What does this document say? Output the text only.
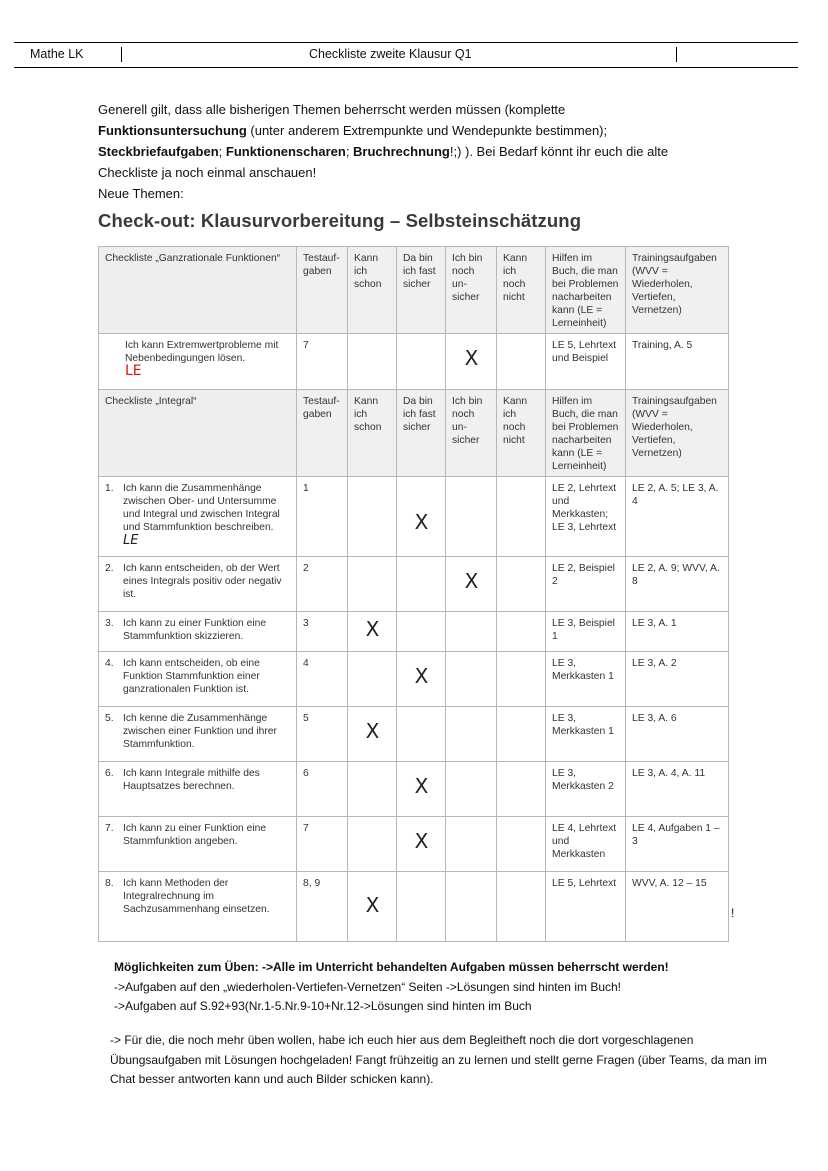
Mathe LK	Checkliste zweite Klausur Q1
Generell gilt, dass alle bisherigen Themen beherrscht werden müssen (komplette
Funktionsuntersuchung (unter anderem Extrempunkte und Wendepunkte bestimmen);
Steckbriefaufgaben; Funktionenscharen; Bruchrechnung!;) ). Bei Bedarf könnt ihr euch die alte
Checkliste ja noch einmal anschauen!
Neue Themen:
Check-out: Klausurvorbereitung – Selbsteinschätzung
Checkliste „Ganzrationale Funktionen“	Testauf-gaben	Kann ich schon	Da bin ich fast sicher	Ich bin noch un-sicher	Kann ich noch nicht	Hilfen im Buch, die man bei Problemen nacharbeiten kann (LE = Lerneinheit)	Trainingsaufgaben (WVV = Wiederholen, Vertiefen, Vernetzen)
Ich kann Extremwertprobleme mit Nebenbedingungen lösen.
LE	7			X		LE 5, Lehrtext und Beispiel	Training, A. 5
Checkliste „Integral“	Testauf-gaben	Kann ich schon	Da bin ich fast sicher	Ich bin noch un-sicher	Kann ich noch nicht	Hilfen im Buch, die man bei Problemen nacharbeiten kann (LE = Lerneinheit)	Trainingsaufgaben (WVV = Wiederholen, Vertiefen, Vernetzen)

1. Ich kann die Zusammenhänge zwischen Ober- und Untersumme und Integral und zwischen Integral und Stammfunktion beschreiben. LE	1		X			LE 2, Lehrtext und Merkkasten; LE 3, Lehrtext	LE 2, A. 5; LE 3, A. 4

2. Ich kann entscheiden, ob der Wert eines Integrals positiv oder negativ ist.	2			X		LE 2, Beispiel 2	LE 2, A. 9; WVV, A. 8

3. Ich kann zu einer Funktion eine Stammfunktion skizzieren.	3	X				LE 3, Beispiel 1	LE 3, A. 1

4. Ich kann entscheiden, ob eine Funktion Stammfunktion einer ganzrationalen Funktion ist.	4		X			LE 3, Merkkasten 1	LE 3, A. 2

5. Ich kenne die Zusammenhänge zwischen einer Funktion und ihrer Stammfunktion.	5	X				LE 3, Merkkasten 1	LE 3, A. 6

6. Ich kann Integrale mithilfe des Hauptsatzes berechnen.	6		X			LE 3, Merkkasten 2	LE 3, A. 4, A. 11

7. Ich kann zu einer Funktion eine Stammfunktion angeben.	7		X			LE 4, Lehrtext und Merkkasten	LE 4, Aufgaben 1 – 3

8. Ich kann Methoden der Integralrechnung im Sachzusammenhang einsetzen.	8, 9	X				LE 5, Lehrtext	WVV, A. 12 – 15
!
Möglichkeiten zum Üben: ->Alle im Unterricht behandelten Aufgaben müssen beherrscht werden!
->Aufgaben auf den „wiederholen-Vertiefen-Vernetzen“ Seiten ->Lösungen sind hinten im Buch!
->Aufgaben auf S.92+93(Nr.1-5.Nr.9-10+Nr.12->Lösungen sind hinten im Buch
-> Für die, die noch mehr üben wollen, habe ich euch hier aus dem Begleitheft noch die dort vorgeschlagenen Übungsaufgaben mit Lösungen hochgeladen! Fangt frühzeitig an zu lernen und stellt gerne Fragen (über Teams, da man im Chat besser antworten kann und auch Bilder schicken kann).
